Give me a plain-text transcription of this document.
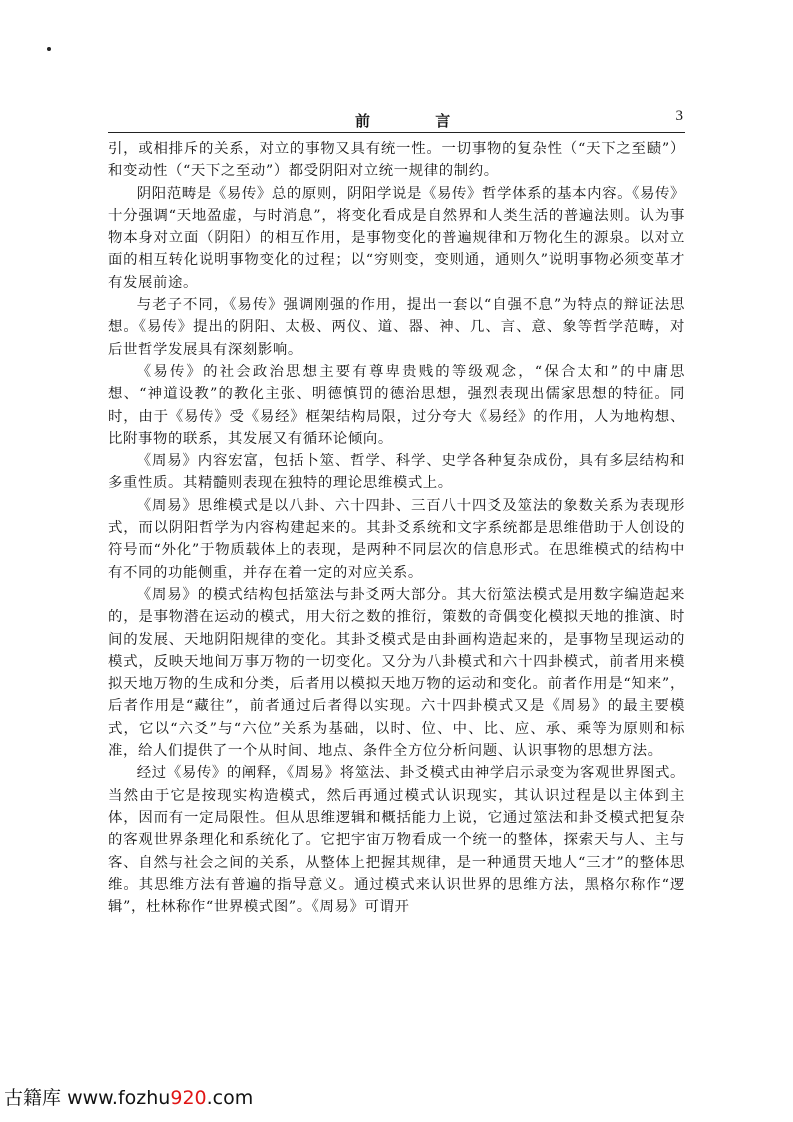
前 言	3

引，或相排斥的关系，对立的事物又具有统一性。一切事物的复杂性（“天下之至赜”）和变动性（“天下之至动”）都受阴阳对立统一规律的制约。

阴阳范畴是《易传》总的原则，阴阳学说是《易传》哲学体系的基本内容。《易传》十分强调“天地盈虚，与时消息”，将变化看成是自然界和人类生活的普遍法则。认为事物本身对立面（阴阳）的相互作用，是事物变化的普遍规律和万物化生的源泉。以对立面的相互转化说明事物变化的过程；以“穷则变，变则通，通则久”说明事物必须变革才有发展前途。

与老子不同，《易传》强调刚强的作用，提出一套以“自强不息”为特点的辩证法思想。《易传》提出的阴阳、太极、两仪、道、器、神、几、言、意、象等哲学范畴，对后世哲学发展具有深刻影响。

《易传》的社会政治思想主要有尊卑贵贱的等级观念，“保合太和”的中庸思想、“神道设教”的教化主张、明德慎罚的德治思想，强烈表现出儒家思想的特征。同时，由于《易传》受《易经》框架结构局限，过分夸大《易经》的作用，人为地构想、比附事物的联系，其发展又有循环论倾向。

《周易》内容宏富，包括卜筮、哲学、科学、史学各种复杂成份，具有多层结构和多重性质。其精髓则表现在独特的理论思维模式上。

《周易》思维模式是以八卦、六十四卦、三百八十四爻及筮法的象数关系为表现形式，而以阴阳哲学为内容构建起来的。其卦爻系统和文字系统都是思维借助于人创设的符号而“外化”于物质载体上的表现，是两种不同层次的信息形式。在思维模式的结构中有不同的功能侧重，并存在着一定的对应关系。

《周易》的模式结构包括筮法与卦爻两大部分。其大衍筮法模式是用数字编造起来的，是事物潜在运动的模式，用大衍之数的推衍，策数的奇偶变化模拟天地的推演、时间的发展、天地阴阳规律的变化。其卦爻模式是由卦画构造起来的，是事物呈现运动的模式，反映天地间万事万物的一切变化。又分为八卦模式和六十四卦模式，前者用来模拟天地万物的生成和分类，后者用以模拟天地万物的运动和变化。前者作用是“知来”，后者作用是“藏往”，前者通过后者得以实现。六十四卦模式又是《周易》的最主要模式，它以“六爻”与“六位”关系为基础，以时、位、中、比、应、承、乘等为原则和标准，给人们提供了一个从时间、地点、条件全方位分析问题、认识事物的思想方法。

经过《易传》的阐释，《周易》将筮法、卦爻模式由神学启示录变为客观世界图式。当然由于它是按现实构造模式，然后再通过模式认识现实，其认识过程是以主体到主体，因而有一定局限性。但从思维逻辑和概括能力上说，它通过筮法和卦爻模式把复杂的客观世界条理化和系统化了。它把宇宙万物看成一个统一的整体，探索天与人、主与客、自然与社会之间的关系，从整体上把握其规律，是一种通贯天地人“三才”的整体思维。其思维方法有普遍的指导意义。通过模式来认识世界的思维方法，黑格尔称作“逻辑”，杜林称作“世界模式图”。《周易》可谓开

古籍库 www.fozhu920.com
